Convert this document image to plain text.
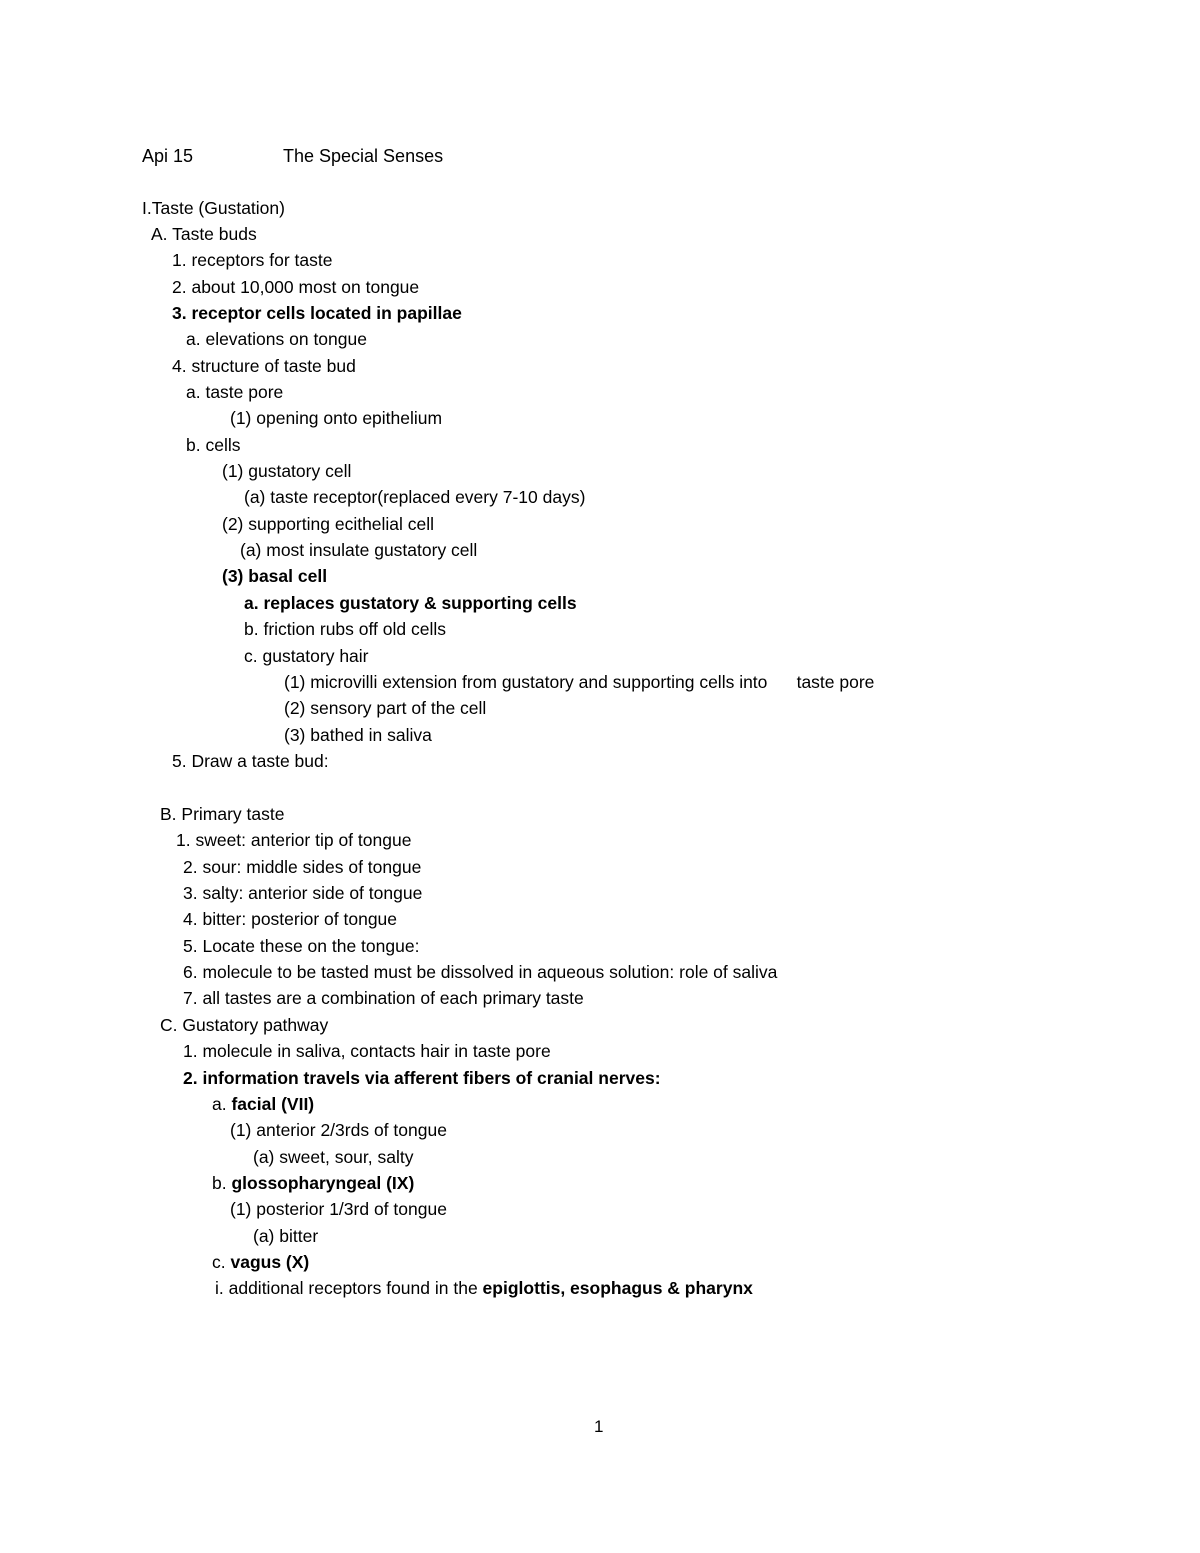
Api 15	The Special Senses
I.Taste (Gustation)
A. Taste buds
1. receptors for taste
2. about 10,000 most on tongue
3. receptor cells located in papillae
a. elevations on tongue
4. structure of taste bud
a. taste pore
(1) opening onto epithelium
b. cells
(1) gustatory cell
(a) taste receptor(replaced every 7-10 days)
(2) supporting ecithelial cell
(a) most insulate gustatory cell
(3) basal cell
a. replaces gustatory & supporting cells
b. friction rubs off old cells
c. gustatory hair
(1) microvilli extension from gustatory and supporting cells into      taste pore
(2) sensory part of the cell
(3) bathed in saliva
5. Draw a taste bud:
B. Primary taste
1. sweet: anterior tip of tongue
2. sour: middle sides of tongue
3. salty: anterior side of tongue
4. bitter: posterior of tongue
5. Locate these on the tongue:
6. molecule to be tasted must be dissolved in aqueous solution: role of saliva
7. all tastes are a combination of each primary taste
C. Gustatory pathway
1. molecule in saliva, contacts hair in taste pore
2. information travels via afferent fibers of cranial nerves:
a. facial (VII)
(1) anterior 2/3rds of tongue
(a) sweet, sour, salty
b. glossopharyngeal (IX)
(1) posterior 1/3rd of tongue
(a) bitter
c. vagus (X)
i. additional receptors found in the epiglottis, esophagus & pharynx
1
